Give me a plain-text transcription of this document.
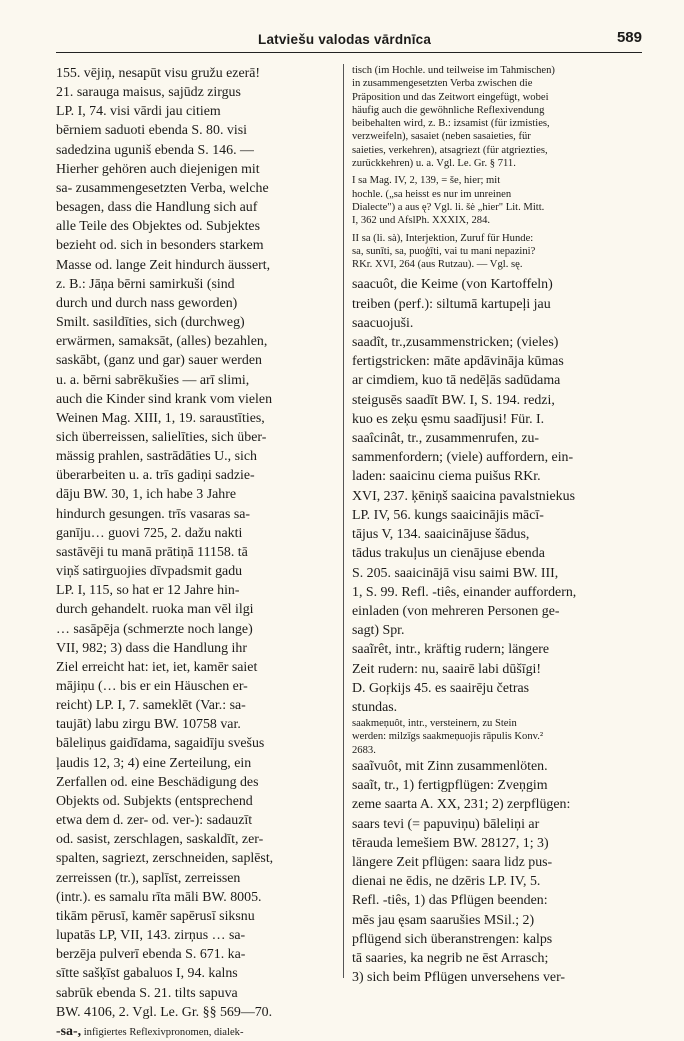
Latviešu valodas vārdnīca	589
155. vējiņ, nesapūt visu gružu ezerā!
21. sarauga maisus, sajūdz zirgus
LP. I, 74. visi vārdi jau citiem
bērniem saduoti ebenda S. 80. visi
sadedzina uguniš ebenda S. 146. —
Hierher gehören auch diejenigen mit
sa- zusammengesetzten Verba, welche
besagen, dass die Handlung sich auf
alle Teile des Objektes od. Subjektes
bezieht od. sich in besonders starkem
Masse od. lange Zeit hindurch äussert,
z. B.: Jāņa bērni samirkuši (sind
durch und durch nass geworden)
Smilt. sasildīties, sich (durchweg)
erwärmen, samaksāt, (alles) bezahlen,
saskābt, (ganz und gar) sauer werden
u. a. bērni sabrēkušies — arī slimi,
auch die Kinder sind krank vom vielen
Weinen Mag. XIII, 1, 19. saraustīties,
sich überreissen, salielīties, sich über-
mässig prahlen, sastrādāties U., sich
überarbeiten u. a. trīs gadiņi sadzie-
dāju BW. 30, 1, ich habe 3 Jahre
hindurch gesungen. trīs vasaras sa-
ganīju… guovi 725, 2. dažu nakti
sastāvēji tu manā prātiņā 11158. tā
viņš satirguojies dīvpadsmit gadu
LP. I, 115, so hat er 12 Jahre hin-
durch gehandelt. ruoka man vēl ilgi
… sasāpēja (schmerzte noch lange)
VII, 982; 3) dass die Handlung ihr
Ziel erreicht hat: iet, iet, kamēr saiet
mājiņu (… bis er ein Häuschen er-
reicht) LP. I, 7. sameklēt (Var.: sa-
taujāt) labu zirgu BW. 10758 var.
bāleliņus gaidīdama, sagaidīju svešus
ļaudis 12, 3; 4) eine Zerteilung, ein
Zerfallen od. eine Beschädigung des
Objekts od. Subjekts (entsprechend
etwa dem d. zer- od. ver-): sadauzīt
od. sasist, zerschlagen, saskaldīt, zer-
spalten, sagriezt, zerschneiden, saplēst,
zerreissen (tr.), saplīst, zerreissen
(intr.). es samalu rīta māli BW. 8005.
tikām pērusī, kamēr sapērusī siksnu
lupatās LP, VII, 143. zirņus … sa-
berzēja pulverī ebenda S. 671. ka-
sītte sašķīst gabaluos I, 94. kalns
sabrūk ebenda S. 21. tilts sapuva
BW. 4106, 2. Vgl. Le. Gr. §§ 569—70.
-sa-, infigiertes Reflexivpronomen, dialek-
tisch (im Hochle. und teilweise im Tahmischen)
in zusammengesetzten Verba zwischen die
Präposition und das Zeitwort eingefügt, wobei
häufig auch die gewöhnliche Reflexivendung
beibehalten wird, z. B.: izsamist (für izmisties,
verzweifeln), sasaiet (neben sasaieties, für
saieties, verkehren), atsagriezt (für atgriezties,
zurückkehren) u. a. Vgl. Le. Gr. § 711.
I sa Mag. IV, 2, 139, = še, hier; mit
hochle. („sa heisst es nur im unreinen
Dialecte") a aus ę? Vgl. li. šė „hier" Lit. Mitt.
I, 362 und AfslPh. XXXIX, 284.
II sa (li. sà), Interjektion, Zuruf für Hunde:
sa, sunīti, sa, puoģīti, vai tu mani nepazini?
RKr. XVI, 264 (aus Rutzau). — Vgl. sę.
saacuôt, die Keime (von Kartoffeln)
treiben (perf.): siltumā kartupeļi jau
saacuojuši.
saadît, tr.,zusammenstricken; (vieles)
fertigstricken: māte apdāvināja kūmas
ar cimdiem, kuo tā nedēļās sadūdama
steigusēs saadīt BW. I, S. 194. redzi,
kuo es zeķu ęsmu saadījusi! Für. I.
saaîcinât, tr., zusammenrufen, zu-
sammenfordern; (viele) auffordern, ein-
laden: saaicinu ciema puišus RKr.
XVI, 237. ķēniņš saaicina pavalstniekus
LP. IV, 56. kungs saaicinājis mācī-
tājus V, 134. saaicinājuse šādus,
tādus trakuļus un cienājuse ebenda
S. 205. saaicinājā visu saimi BW. III,
1, S. 99. Refl. -tiês, einander auffordern,
einladen (von mehreren Personen ge-
sagt) Spr.
saaĩrêt, intr., kräftig rudern; längere
Zeit rudern: nu, saairē labi dūšīgi!
D. Goŗkijs 45. es saairēju četras
stundas.
saakmeņuôt, intr., versteinern, zu Stein
werden: milzīgs saakmeņuojis rāpulis Konv.²
2683.
saaĩvuôt, mit Zinn zusammenlöten.
saaĩt, tr., 1) fertigpflügen: Zveņgim
zeme saarta A. XX, 231; 2) zerpflügen:
saars tevi (= papuviņu) bāleliņi ar
tērauda lemešiem BW. 28127, 1; 3)
längere Zeit pflügen: saara lidz pus-
dienai ne ēdis, ne dzēris LP. IV, 5.
Refl. -tiês, 1) das Pflügen beenden:
mēs jau ęsam saarušies MSil.; 2)
pflügend sich überanstrengen: kalps
tā saaries, ka negrib ne ēst Arrasch;
3) sich beim Pflügen unversehens ver-
